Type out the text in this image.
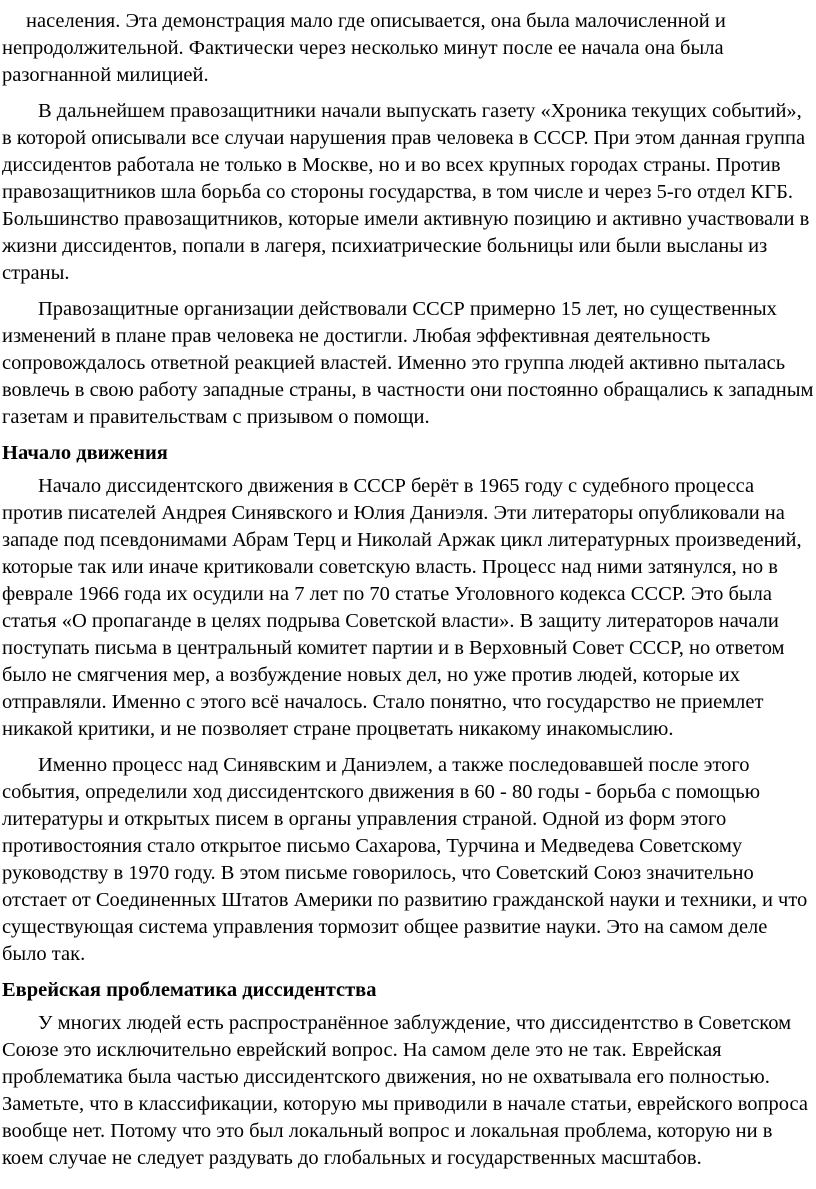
населения. Эта демонстрация мало где описывается, она была малочисленной и непродолжительной. Фактически через несколько минут после ее начала она была разогнанной милицией.

В дальнейшем правозащитники начали выпускать газету «Хроника текущих событий», в которой описывали все случаи нарушения прав человека в СССР. При этом данная группа диссидентов работала не только в Москве, но и во всех крупных городах страны. Против правозащитников шла борьба со стороны государства, в том числе и через 5-го отдел КГБ. Большинство правозащитников, которые имели активную позицию и активно участвовали в жизни диссидентов, попали в лагеря, психиатрические больницы или были высланы из страны.

Правозащитные организации действовали СССР примерно 15 лет, но существенных изменений в плане прав человека не достигли. Любая эффективная деятельность сопровождалось ответной реакцией властей. Именно это группа людей активно пыталась вовлечь в свою работу западные страны, в частности они постоянно обращались к западным газетам и правительствам с призывом о помощи.

Начало движения

Начало диссидентского движения в СССР берёт в 1965 году с судебного процесса против писателей Андрея Синявского и Юлия Даниэля. Эти литераторы опубликовали на западе под псевдонимами Абрам Терц и Николай Аржак цикл литературных произведений, которые так или иначе критиковали советскую власть. Процесс над ними затянулся, но в феврале 1966 года их осудили на 7 лет по 70 статье Уголовного кодекса СССР. Это была статья «О пропаганде в целях подрыва Советской власти». В защиту литераторов начали поступать письма в центральный комитет партии и в Верховный Совет СССР, но ответом было не смягчения мер, а возбуждение новых дел, но уже против людей, которые их отправляли. Именно с этого всё началось. Стало понятно, что государство не приемлет никакой критики, и не позволяет стране процветать никакому инакомыслию.

Именно процесс над Синявским и Даниэлем, а также последовавшей после этого события, определили ход диссидентского движения в 60 - 80 годы - борьба с помощью литературы и открытых писем в органы управления страной. Одной из форм этого противостояния стало открытое письмо Сахарова, Турчина и Медведева Советскому руководству в 1970 году. В этом письме говорилось, что Советский Союз значительно отстает от Соединенных Штатов Америки по развитию гражданской науки и техники, и что существующая система управления тормозит общее развитие науки. Это на самом деле было так.

Еврейская проблематика диссидентства

У многих людей есть распространённое заблуждение, что диссидентство в Советском Союзе это исключительно еврейский вопрос. На самом деле это не так. Еврейская проблематика была частью диссидентского движения, но не охватывала его полностью. Заметьте, что в классификации, которую мы приводили в начале статьи, еврейского вопроса вообще нет. Потому что это был локальный вопрос и локальная проблема, которую ни в коем случае не следует раздувать до глобальных и государственных масштабов.
